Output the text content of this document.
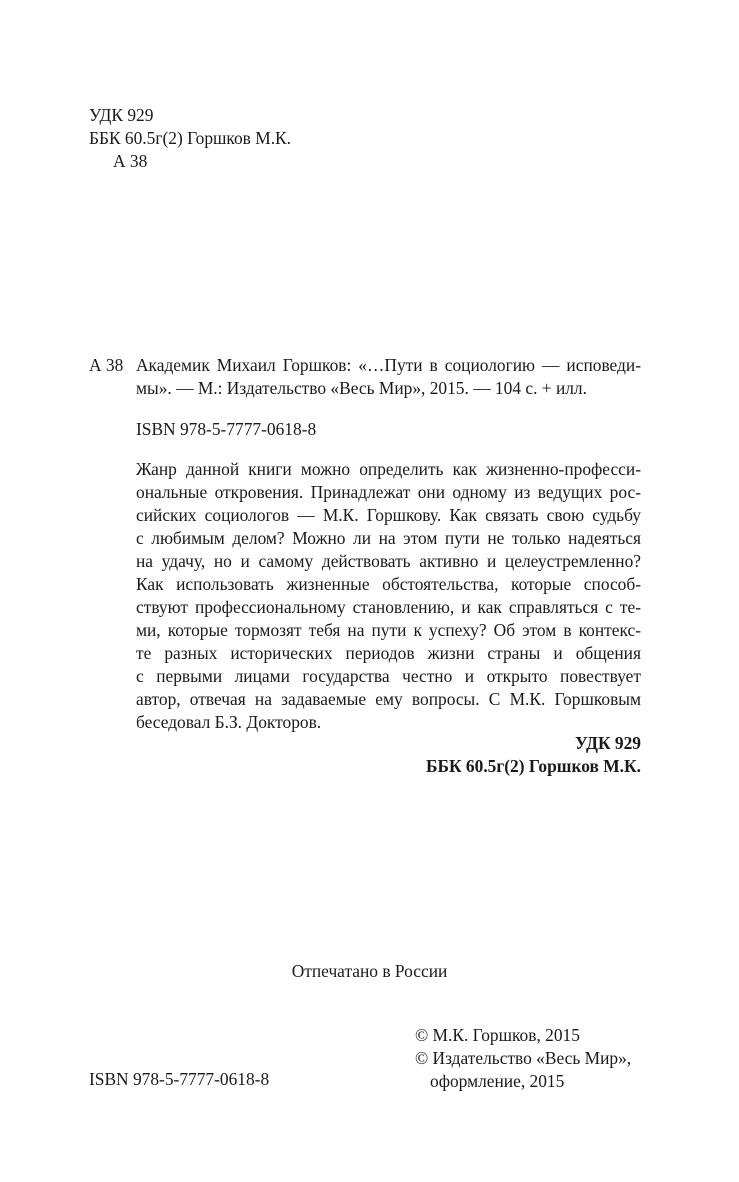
УДК 929
ББК 60.5г(2) Горшков М.К.
А 38
А 38 Академик Михаил Горшков: «…Пути в социологию — исповеди-
мы». — М.: Издательство «Весь Мир», 2015. — 104 с. + илл.
ISBN 978-5-7777-0618-8
Жанр данной книги можно определить как жизненно-професси-
ональные откровения. Принадлежат они одному из ведущих рос-
сийских социологов — М.К. Горшкову. Как связать свою судьбу
с любимым делом? Можно ли на этом пути не только надеяться
на удачу, но и самому действовать активно и целеустремленно?
Как использовать жизненные обстоятельства, которые способ-
ствуют профессиональному становлению, и как справляться с те-
ми, которые тормозят тебя на пути к успеху? Об этом в контекс-
те разных исторических периодов жизни страны и общения
с первыми лицами государства честно и открыто повествует
автор, отвечая на задаваемые ему вопросы. С М.К. Горшковым
беседовал Б.З. Докторов.
УДК 929
ББК 60.5г(2) Горшков М.К.
Отпечатано в России
© М.К. Горшков, 2015
© Издательство «Весь Мир»,
оформление, 2015
ISBN 978-5-7777-0618-8
